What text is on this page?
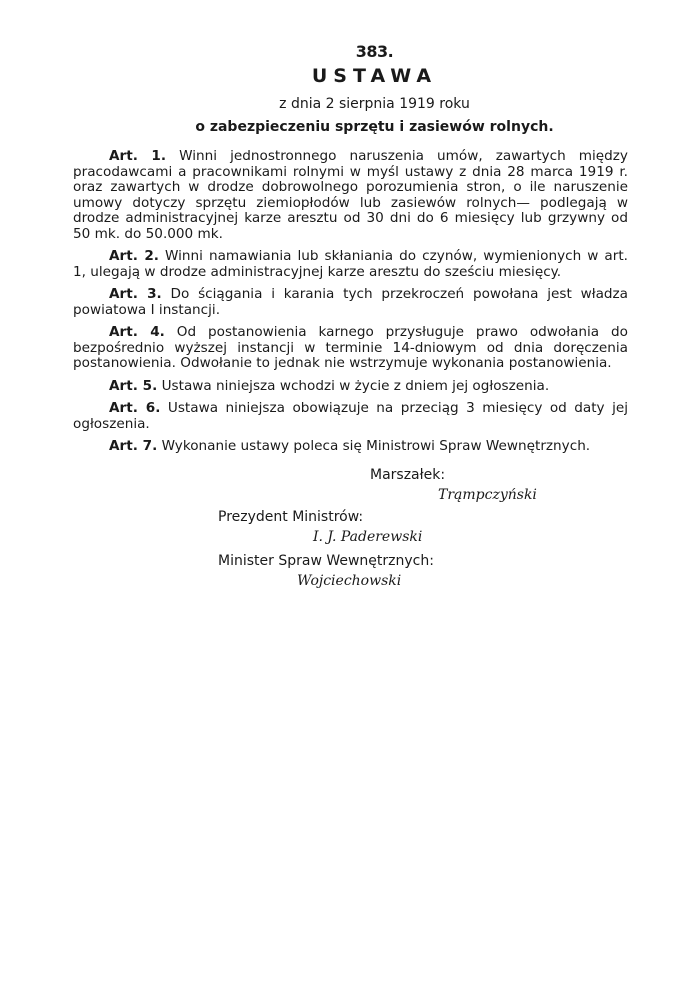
383.
USTAWA
z dnia 2 sierpnia 1919 roku
o zabezpieczeniu sprzętu i zasiewów rolnych.

Art. 1. Winni jednostronnego naruszenia umów, zawartych między pracodawcami a pracownikami rolnymi w myśl ustawy z dnia 28 marca 1919 r. oraz zawartych w drodze dobrowolnego porozumienia stron, o ile naruszenie umowy dotyczy sprzętu ziemiopłodów lub zasiewów rolnych— podlegają w drodze administracyjnej karze aresztu od 30 dni do 6 miesięcy lub grzywny od 50 mk. do 50.000 mk.

Art. 2. Winni namawiania lub skłaniania do czynów, wymienionych w art. 1, ulegają w drodze administracyjnej karze aresztu do sześciu miesięcy.

Art. 3. Do ściągania i karania tych przekroczeń powołana jest władza powiatowa I instancji.

Art. 4. Od postanowienia karnego przysługuje prawo odwołania do bezpośrednio wyższej instancji w terminie 14-dniowym od dnia doręczenia postanowienia. Odwołanie to jednak nie wstrzymuje wykonania postanowienia.

Art. 5. Ustawa niniejsza wchodzi w życie z dniem jej ogłoszenia.

Art. 6. Ustawa niniejsza obowiązuje na przeciąg 3 miesięcy od daty jej ogłoszenia.

Art. 7. Wykonanie ustawy poleca się Ministrowi Spraw Wewnętrznych.

Marszałek:
Trąmpczyński
Prezydent Ministrów:
I. J. Paderewski
Minister Spraw Wewnętrznych:
Wojciechowski
